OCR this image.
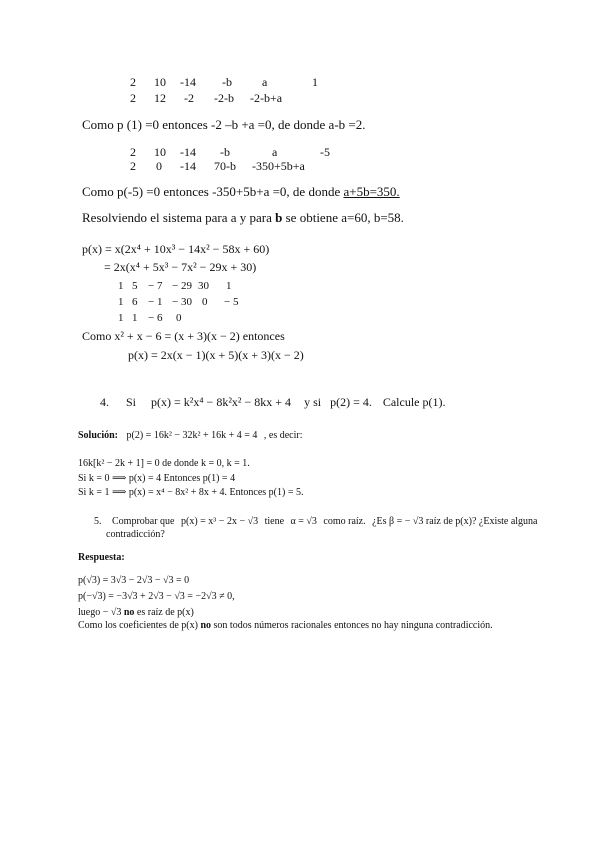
2 10 -14 -b	a	1
2 12 -2 -2-b -2-b+a
Como p (1) =0 entonces -2 –b +a =0, de donde a-b =2.
2 10 -14 -b	a	-5
2 0 -14 70-b -350+5b+a
Como p(-5) =0 entonces -350+5b+a =0, de donde a+5b=350.
Resolviendo el sistema para a y para b se obtiene a=60, b=58.
p(x) = x(2x⁴ + 10x³ − 14x² − 58x + 60)
= 2x(x⁴ + 5x³ − 7x² − 29x + 30)
1 5 − 7 − 29 30 1
1 6 − 1 − 30 0 − 5
1 1 − 6 0
Como x² + x − 6 = (x + 3)(x − 2) entonces
p(x) = 2x(x − 1)(x + 5)(x + 3)(x − 2)
4. Si p(x) = k²x⁴ − 8k²x² − 8kx + 4 y si p(2) = 4. Calcule p(1).
Solución: p(2) = 16k² − 32k² + 16k + 4 = 4 , es decir:
16k[k² − 2k + 1] = 0 de donde k = 0, k = 1.
Si k = 0 ⟹ p(x) = 4 Entonces p(1) = 4
Si k = 1 ⟹ p(x) = x⁴ − 8x² + 8x + 4. Entonces p(1) = 5.
5. Comprobar que p(x) = x³ − 2x − √3 tiene α = √3 como raíz. ¿Es β = − √3 raíz de p(x)? ¿Existe alguna
contradicción?
Respuesta:
p(√3) = 3√3 − 2√3 − √3 = 0
p(−√3) = −3√3 + 2√3 − √3 = −2√3 ≠ 0,
luego − √3 no es raíz de p(x)
Como los coeficientes de p(x) no son todos números racionales entonces no hay ninguna contradicción.
